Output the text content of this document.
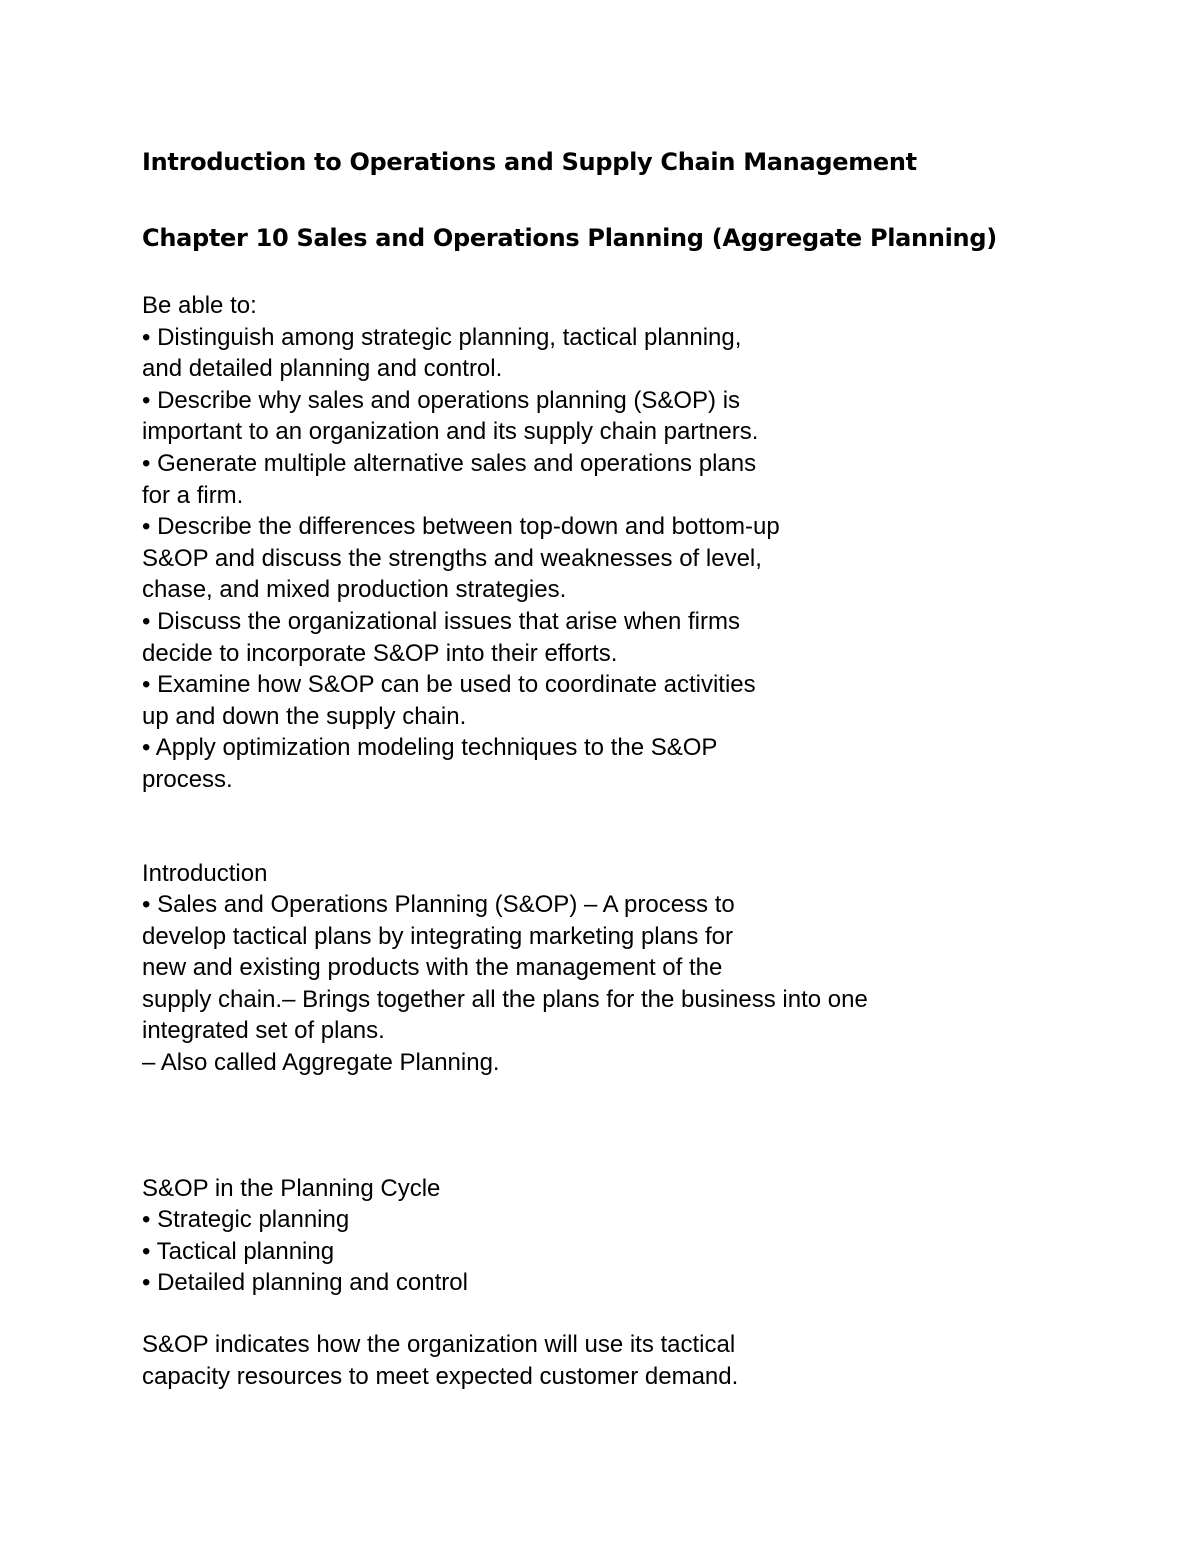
Introduction to Operations and Supply Chain Management

Chapter 10 Sales and Operations Planning (Aggregate Planning)

Be able to:

• Distinguish among strategic planning, tactical planning,

and detailed planning and control.

• Describe why sales and operations planning (S&OP) is

important to an organization and its supply chain partners.

• Generate multiple alternative sales and operations plans

for a firm.

• Describe the differences between top-down and bottom-up

S&OP and discuss the strengths and weaknesses of level,

chase, and mixed production strategies.

• Discuss the organizational issues that arise when firms

decide to incorporate S&OP into their efforts.

• Examine how S&OP can be used to coordinate activities

up and down the supply chain.

• Apply optimization modeling techniques to the S&OP

process.

Introduction

• Sales and Operations Planning (S&OP) – A process to

develop tactical plans by integrating marketing plans for

new and existing products with the management of the

supply chain.– Brings together all the plans for the business into one

integrated set of plans.

– Also called Aggregate Planning.

S&OP in the Planning Cycle

• Strategic planning

• Tactical planning

• Detailed planning and control

S&OP indicates how the organization will use its tactical

capacity resources to meet expected customer demand.
